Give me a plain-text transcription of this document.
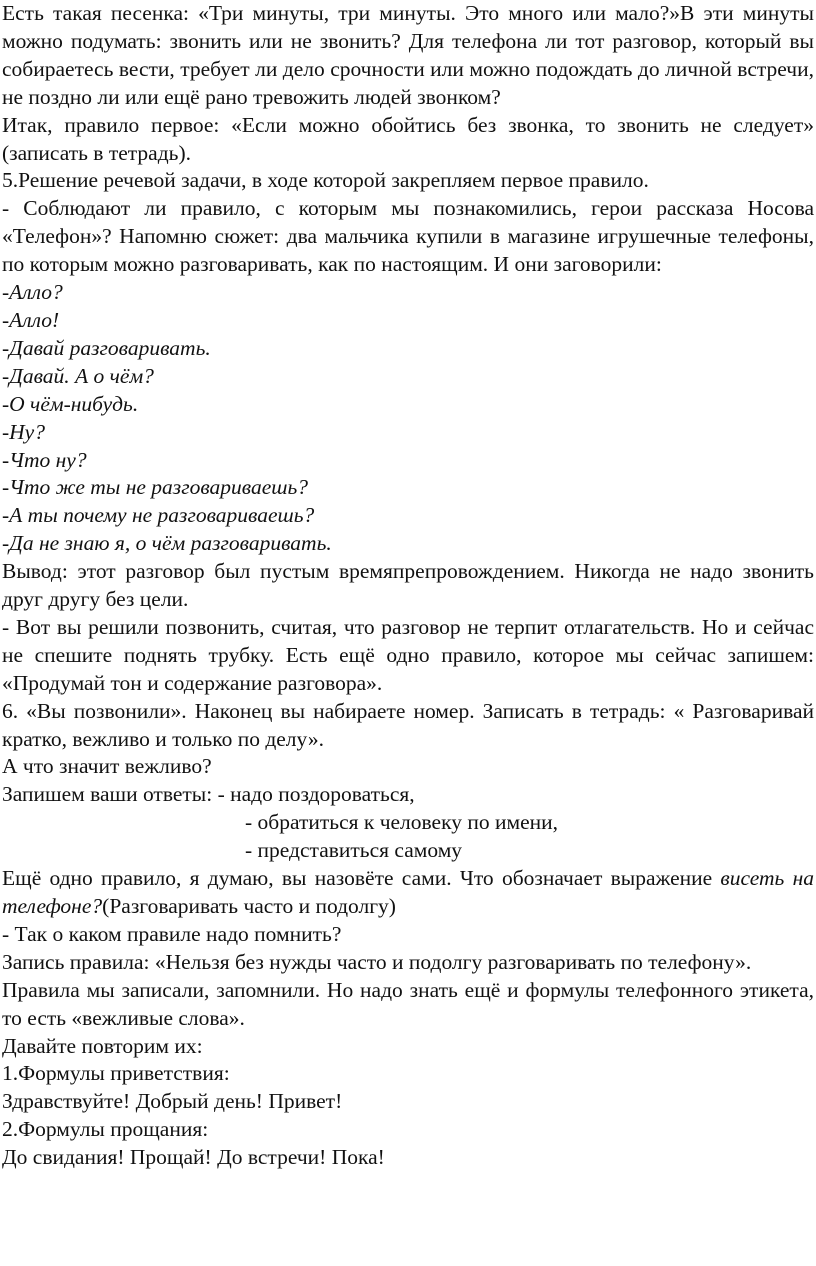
Есть такая песенка: «Три минуты, три минуты. Это много или мало?»В эти минуты можно подумать: звонить или не звонить? Для телефона ли тот разговор, который вы собираетесь вести, требует ли дело срочности или можно подождать до личной встречи, не поздно ли или ещё рано тревожить людей звонком?

Итак, правило первое: «Если можно обойтись без звонка, то звонить не следует» (записать в тетрадь).

5.Решение речевой задачи, в ходе которой закрепляем первое правило.

- Соблюдают ли правило, с которым мы познакомились, герои рассказа Носова «Телефон»? Напомню сюжет: два мальчика купили в магазине игрушечные телефоны, по которым можно разговаривать, как по настоящим. И они заговорили:

-Алло?

-Алло!

-Давай разговаривать.

-Давай. А о чём?

-О чём-нибудь.

-Ну?

-Что ну?

-Что же ты не разговариваешь?

-А ты почему не разговариваешь?

-Да не знаю я, о чём разговаривать.

Вывод: этот разговор был пустым времяпрепровождением. Никогда не надо звонить друг другу без цели.

- Вот вы решили позвонить, считая, что разговор не терпит отлагательств. Но и сейчас не спешите поднять трубку. Есть ещё одно правило, которое мы сейчас запишем: «Продумай тон и содержание разговора».

6. «Вы позвонили». Наконец вы набираете номер. Записать в тетрадь: « Разговаривай кратко, вежливо и только по делу».

А что значит вежливо?

Запишем ваши ответы: - надо поздороваться,

- обратиться к человеку по имени,

- представиться самому

Ещё одно правило, я думаю, вы назовёте сами. Что обозначает выражение висеть на телефоне?(Разговаривать часто и подолгу)

- Так о каком правиле надо помнить?

Запись правила: «Нельзя без нужды часто и подолгу разговаривать по телефону».

Правила мы записали, запомнили. Но надо знать ещё и формулы телефонного этикета, то есть «вежливые слова».

Давайте повторим их:

1.Формулы приветствия:

Здравствуйте! Добрый день! Привет!

2.Формулы прощания:

До свидания! Прощай! До встречи! Пока!
